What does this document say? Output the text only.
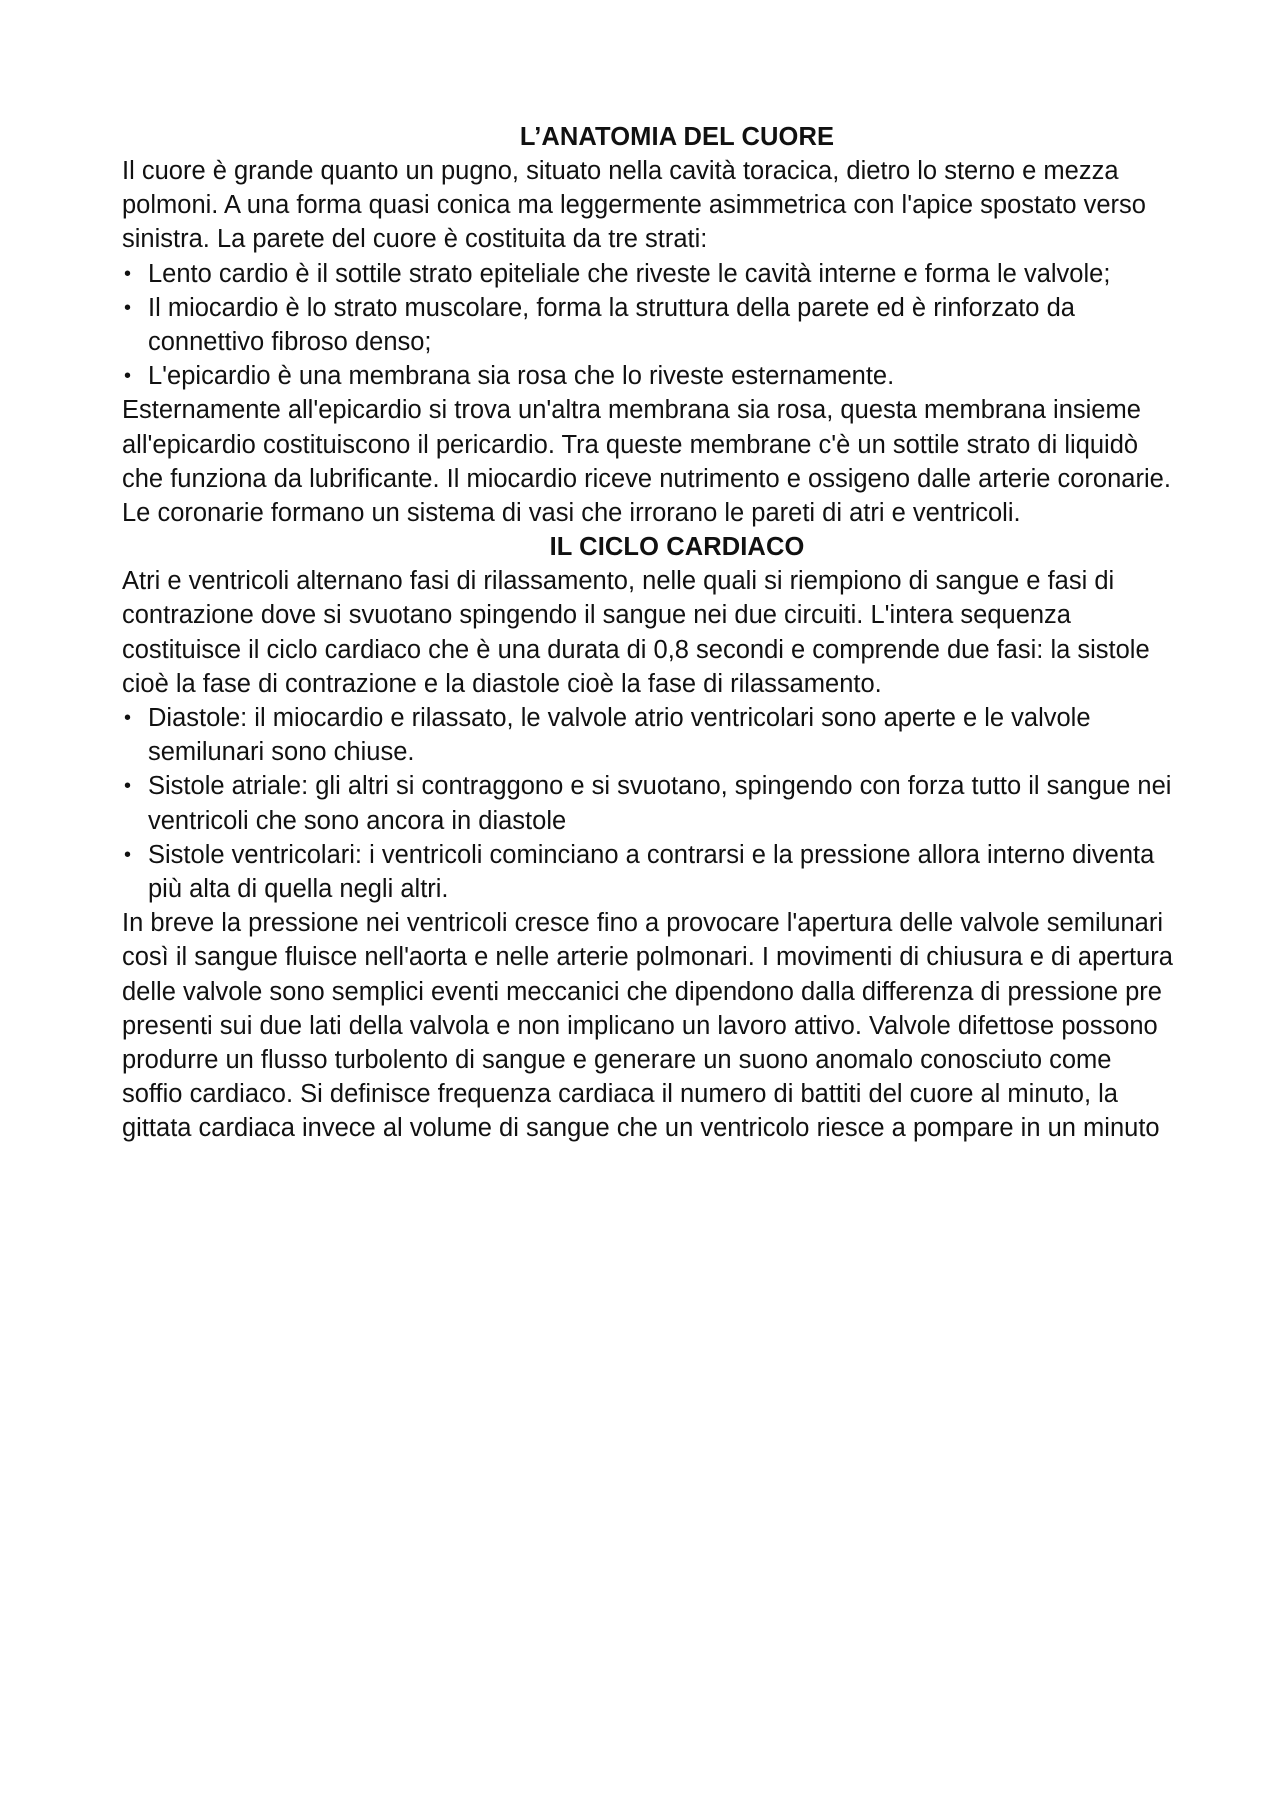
L’ANATOMIA DEL CUORE

Il cuore è grande quanto un pugno, situato nella cavità toracica, dietro lo sterno e mezza polmoni. A una forma quasi conica ma leggermente asimmetrica con l'apice spostato verso sinistra. La parete del cuore è costituita da tre strati:

• Lento cardio è il sottile strato epiteliale che riveste le cavità interne e forma le valvole;
• Il miocardio è lo strato muscolare, forma la struttura della parete ed è rinforzato da connettivo fibroso denso;
• L'epicardio è una membrana sia rosa che lo riveste esternamente.

Esternamente all'epicardio si trova un'altra membrana sia rosa, questa membrana insieme all'epicardio costituiscono il pericardio. Tra queste membrane c'è un sottile strato di liquidò che funziona da lubrificante. Il miocardio riceve nutrimento e ossigeno dalle arterie coronarie. Le coronarie formano un sistema di vasi che irrorano le pareti di atri e ventricoli.

IL CICLO CARDIACO

Atri e ventricoli alternano fasi di rilassamento, nelle quali si riempiono di sangue e fasi di contrazione dove si svuotano spingendo il sangue nei due circuiti. L'intera sequenza costituisce il ciclo cardiaco che è una durata di 0,8 secondi e comprende due fasi: la sistole cioè la fase di contrazione e la diastole cioè la fase di rilassamento.

• Diastole: il miocardio e rilassato, le valvole atrio ventricolari sono aperte e le valvole semilunari sono chiuse.
• Sistole atriale: gli altri si contraggono e si svuotano, spingendo con forza tutto il sangue nei ventricoli che sono ancora in diastole
• Sistole ventricolari: i ventricoli cominciano a contrarsi e la pressione allora interno diventa più alta di quella negli altri.

In breve la pressione nei ventricoli cresce fino a provocare l'apertura delle valvole semilunari così il sangue fluisce nell'aorta e nelle arterie polmonari. I movimenti di chiusura e di apertura delle valvole sono semplici eventi meccanici che dipendono dalla differenza di pressione pre presenti sui due lati della valvola e non implicano un lavoro attivo. Valvole difettose possono produrre un flusso turbolento di sangue e generare un suono anomalo conosciuto come soffio cardiaco. Si definisce frequenza cardiaca il numero di battiti del cuore al minuto, la gittata cardiaca invece al volume di sangue che un ventricolo riesce a pompare in un minuto
